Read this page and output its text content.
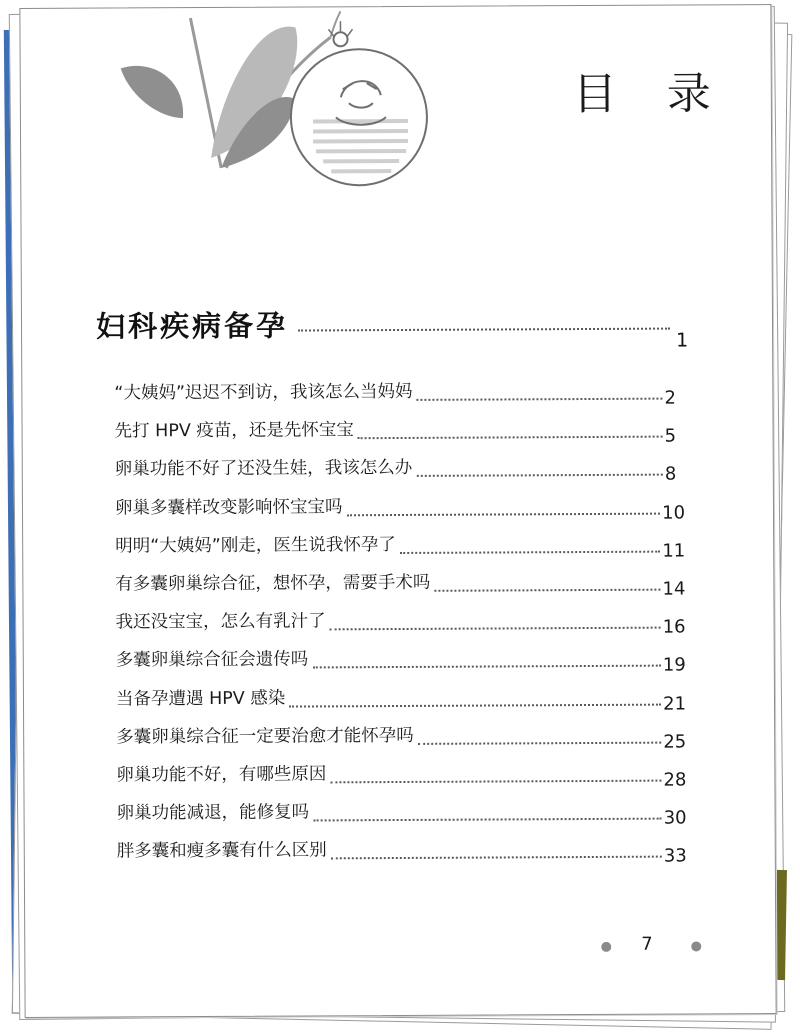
目 录
妇科疾病备孕	1
“大姨妈”迟迟不到访，我该怎么当妈妈	2
先打 HPV 疫苗，还是先怀宝宝	5
卵巢功能不好了还没生娃，我该怎么办	8
卵巢多囊样改变影响怀宝宝吗	10
明明“大姨妈”刚走，医生说我怀孕了	11
有多囊卵巢综合征，想怀孕，需要手术吗	14
我还没宝宝，怎么有乳汁了	16
多囊卵巢综合征会遗传吗	19
当备孕遭遇 HPV 感染	21
多囊卵巢综合征一定要治愈才能怀孕吗	25
卵巢功能不好，有哪些原因	28
卵巢功能减退，能修复吗	30
胖多囊和瘦多囊有什么区别	33
7
